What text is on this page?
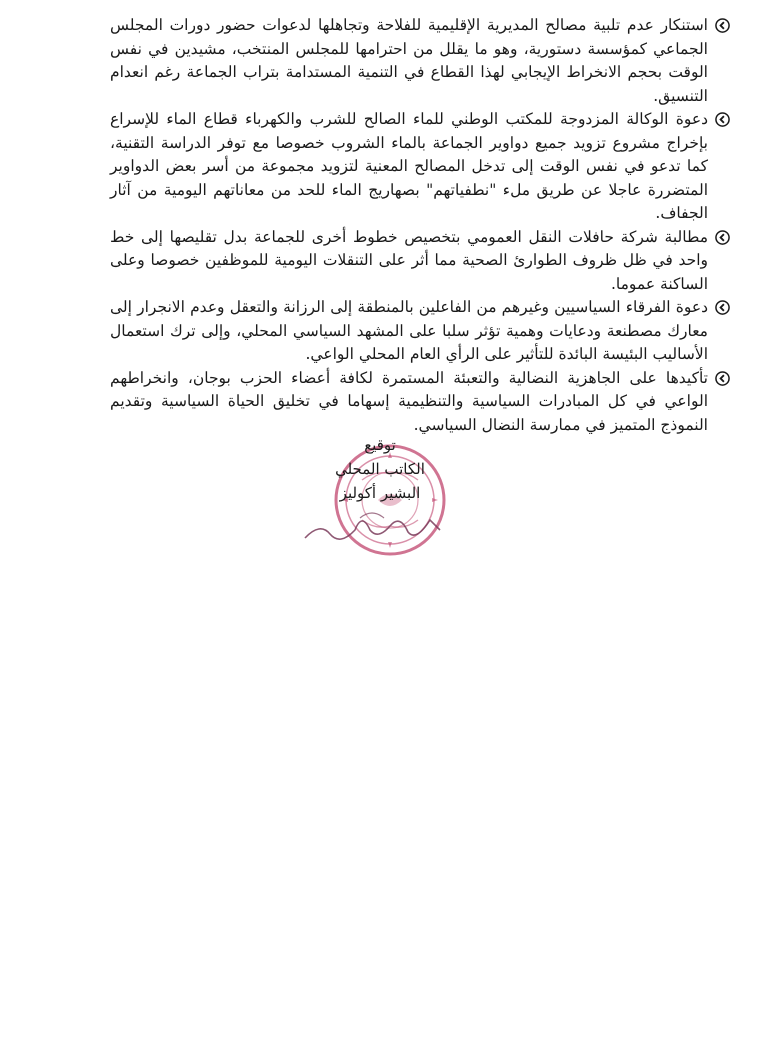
استنكار عدم تلبية مصالح المديرية الإقليمية للفلاحة وتجاهلها لدعوات حضور دورات المجلس الجماعي كمؤسسة دستورية، وهو ما يقلل من احترامها للمجلس المنتخب، مشيدين في نفس الوقت بحجم الانخراط الإيجابي لهذا القطاع في التنمية المستدامة بتراب الجماعة رغم انعدام التنسيق.
دعوة الوكالة المزدوجة للمكتب الوطني للماء الصالح للشرب والكهرباء قطاع الماء للإسراع بإخراج مشروع تزويد جميع دواوير الجماعة بالماء الشروب خصوصا مع توفر الدراسة التقنية، كما تدعو في نفس الوقت إلى تدخل المصالح المعنية لتزويد مجموعة من أسر بعض الدواوير المتضررة عاجلا عن طريق ملء "نطفياتهم" بصهاريج الماء للحد من معاناتهم اليومية من آثار الجفاف.
مطالبة شركة حافلات النقل العمومي بتخصيص خطوط أخرى للجماعة بدل تقليصها إلى خط واحد في ظل ظروف الطوارئ الصحية مما أثر على التنقلات اليومية للموظفين خصوصا وعلى الساكنة عموما.
دعوة الفرقاء السياسيين وغيرهم من الفاعلين بالمنطقة إلى الرزانة والتعقل وعدم الانجرار إلى معارك مصطنعة ودعايات وهمية تؤثر سلبا على المشهد السياسي المحلي، وإلى ترك استعمال الأساليب البئيسة البائدة للتأثير على الرأي العام المحلي الواعي.
تأكيدها على الجاهزية النضالية والتعبئة المستمرة لكافة أعضاء الحزب بوجان، وانخراطهم الواعي في كل المبادرات السياسية والتنظيمية إسهاما في تخليق الحياة السياسية وتقديم النموذج المتميز في ممارسة النضال السياسي.
توقيع
الكاتب المحلي
البشير أكوليز
